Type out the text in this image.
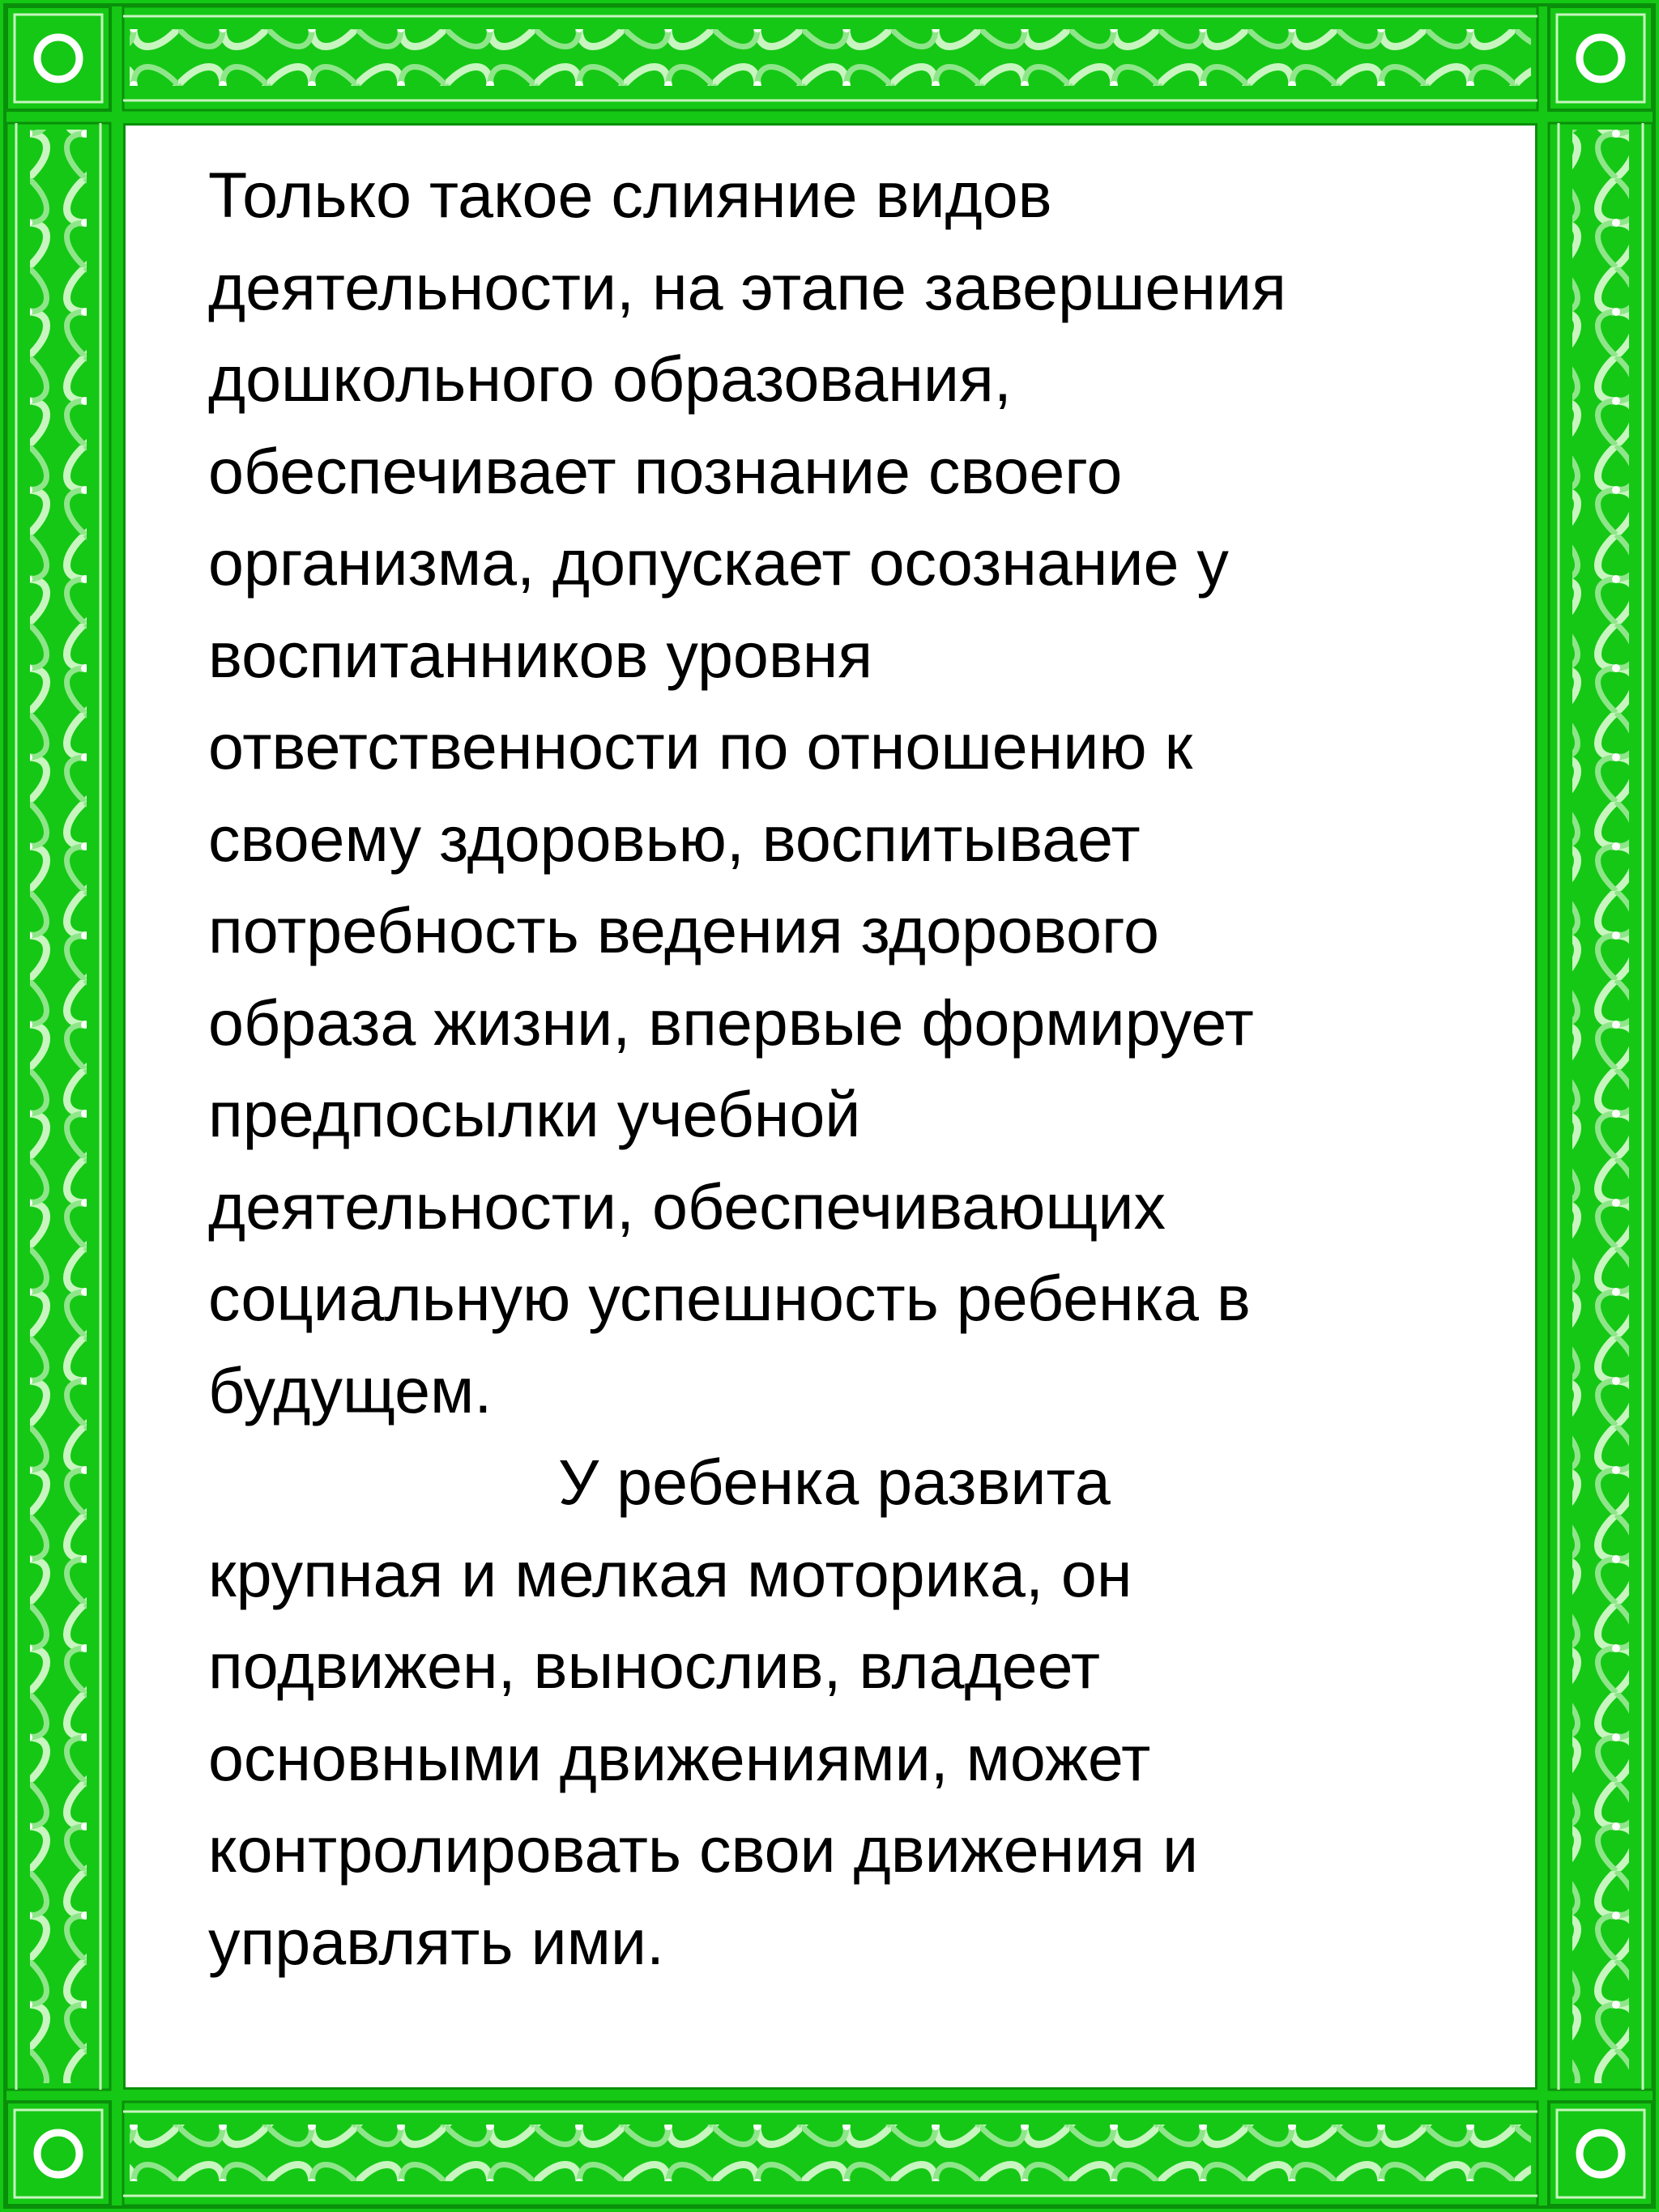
Только такое слияние видов
деятельности, на этапе завершения
дошкольного образования,
обеспечивает познание своего
организма, допускает осознание у
воспитанников уровня
ответственности по отношению к
своему здоровью, воспитывает
потребность ведения здорового
образа жизни, впервые формирует
предпосылки учебной
деятельности, обеспечивающих
социальную успешность ребенка в
будущем.

У ребенка развита
крупная и мелкая моторика, он
подвижен, вынослив, владеет
основными движениями, может
контролировать свои движения и
управлять ими.
